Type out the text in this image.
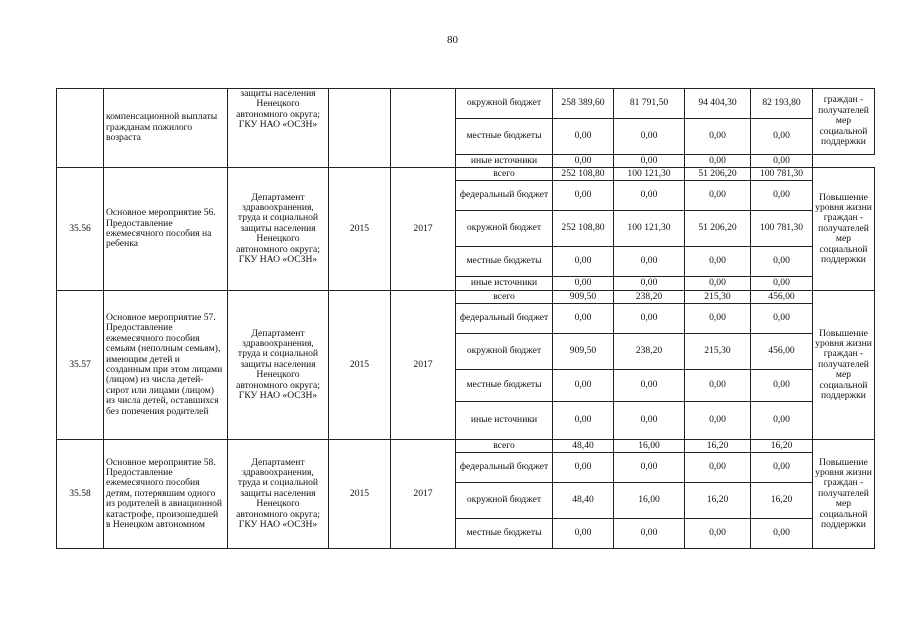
80
	компенсационной выплаты гражданам пожилого возраста	защиты населения Ненецкого автономного округа; ГКУ НАО «ОСЗН»			окружной бюджет	258 389,60	81 791,50	94 404,30	82 193,80	граждан - получателей мер социальной поддержки
					местные бюджеты	0,00	0,00	0,00	0,00	
					иные источники	0,00	0,00	0,00	0,00	
35.56	Основное мероприятие 56. Предоставление ежемесячного пособия на ребенка	Департамент здравоохранения, труда и социальной защиты населения Ненецкого автономного округа; ГКУ НАО «ОСЗН»	2015	2017	всего	252 108,80	100 121,30	51 206,20	100 781,30	Повышение уровня жизни граждан - получателей мер социальной поддержки
					федеральный бюджет	0,00	0,00	0,00	0,00	
					окружной бюджет	252 108,80	100 121,30	51 206,20	100 781,30	
					местные бюджеты	0,00	0,00	0,00	0,00	
					иные источники	0,00	0,00	0,00	0,00	
35.57	Основное мероприятие 57. Предоставление ежемесячного пособия семьям (неполным семьям), имеющим детей и созданным при этом лицами (лицом) из числа детей-сирот или лицами (лицом) из числа детей, оставшихся без попечения родителей	Департамент здравоохранения, труда и социальной защиты населения Ненецкого автономного округа; ГКУ НАО «ОСЗН»	2015	2017	всего	909,50	238,20	215,30	456,00	Повышение уровня жизни граждан - получателей мер социальной поддержки
					федеральный бюджет	0,00	0,00	0,00	0,00	
					окружной бюджет	909,50	238,20	215,30	456,00	
					местные бюджеты	0,00	0,00	0,00	0,00	
					иные источники	0,00	0,00	0,00	0,00	
35.58	Основное мероприятие 58. Предоставление ежемесячного пособия детям, потерявшим одного из родителей в авиационной катастрофе, произошедшей в Ненецком автономном	Департамент здравоохранения, труда и социальной защиты населения Ненецкого автономного округа; ГКУ НАО «ОСЗН»	2015	2017	всего	48,40	16,00	16,20	16,20	Повышение уровня жизни граждан - получателей мер социальной поддержки
					федеральный бюджет	0,00	0,00	0,00	0,00	
					окружной бюджет	48,40	16,00	16,20	16,20	
					местные бюджеты	0,00	0,00	0,00	0,00	
